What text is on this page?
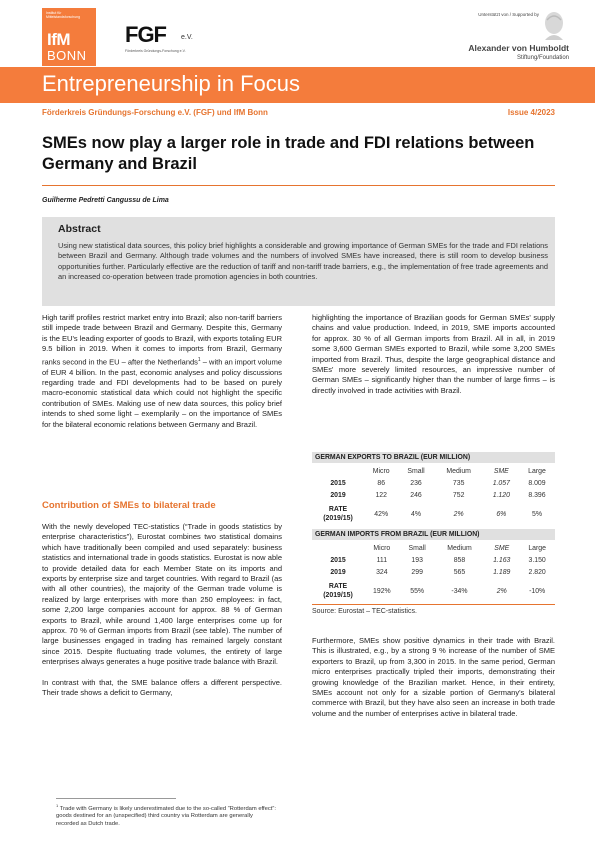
Institut für Mittelstandsforschung
IfM
BONN
FGF e.V.
Förderkreis Gründungs-Forschung e.V.
Unterstützt von / Supported by
Alexander von Humboldt
Stiftung/Foundation
Entrepreneurship in Focus
Förderkreis Gründungs-Forschung e.V. (FGF) und IfM Bonn	Issue 4/2023
SMEs now play a larger role in trade and FDI relations between Germany and Brazil
Guilherme Pedretti Cangussu de Lima
Abstract

Using new statistical data sources, this policy brief highlights a considerable and growing importance of German SMEs for the trade and FDI relations between Brazil and Germany. Although trade volumes and the numbers of involved SMEs have increased, there is still room to develop business opportunities further. Particularly effective are the reduction of tariff and non-tariff trade barriers, e.g., the implementation of free trade agreements and an increased co-operation between trade promotion agencies in both countries.

High tariff profiles restrict market entry into Brazil; also non-tariff barriers still impede trade between Brazil and Germany. Despite this, Germany is the EU's leading exporter of goods to Brazil, with exports totaling EUR 9.5 billion in 2019. When it comes to imports from Brazil, Germany ranks second in the EU – after the Netherlands$^1$ – with an import volume of EUR 4 billion. In the past, economic analyses and policy discussions regarding trade and FDI developments had to be based on purely macro-economic statistical data which could not highlight the specific contribution of SMEs. Making use of new data sources, this policy brief intends to shed some light – exemplarily – on the importance of SMEs for the bilateral economic relations between Germany and Brazil.

Contribution of SMEs to bilateral trade

With the newly developed TEC-statistics (“Trade in goods statistics by enterprise characteristics”), Eurostat combines two statistical domains which have traditionally been compiled and used separately: business statistics and international trade in goods statistics. Eurostat is now able to provide detailed data for each Member State on its imports and exports by enterprise size and target countries. With regard to Brazil (as with all other countries), the majority of the German trade volume is realized by large enterprises with more than 250 employees: in fact, some 2,200 large companies account for approx. 88 % of German exports to Brazil, while around 1,400 large enterprises come up for approx. 70 % of German imports from Brazil (see table). The number of large businesses engaged in trading has remained largely constant since 2015. Despite fluctuating trade volumes, the entirety of large enterprises always generates a huge positive trade balance with Brazil.

In contrast with that, the SME balance offers a different perspective. Their trade shows a deficit to Germany,

highlighting the importance of Brazilian goods for German SMEs' supply chains and value production. Indeed, in 2019, SME imports accounted for approx. 30 % of all German imports from Brazil. All in all, in 2019 some 3,600 German SMEs exported to Brazil, while some 3,200 SMEs imported from Brazil. Thus, despite the large geographical distance and SMEs' more severely limited resources, an impressive number of German SMEs – significantly higher than the number of large firms – is directly involved in trade activities with Brazil.

GERMAN EXPORTS TO BRAZIL (EUR MILLION)
	Micro	Small	Medium	SME	Large
2015	86	236	735	1.057	8.009
2019	122	246	752	1.120	8.396
RATE
(2019/15)	42%	4%	2%	6%	5%
GERMAN IMPORTS FROM BRAZIL (EUR MILLION)
	Micro	Small	Medium	SME	Large
2015	111	193	858	1.163	3.150
2019	324	299	565	1.189	2.820
RATE
(2019/15)	192%	55%	-34%	2%	-10%
Source: Eurostat – TEC-statistics.

Furthermore, SMEs show positive dynamics in their trade with Brazil. This is illustrated, e.g., by a strong 9 % increase of the number of SME exporters to Brazil, up from 3,300 in 2015. In the same period, German micro enterprises practically tripled their imports, demonstrating their growing knowledge of the Brazilian market. Hence, in their entirety, SMEs account not only for a sizable portion of Germany's bilateral commerce with Brazil, but they have also seen an increase in both trade volume and the number of enterprises active in bilateral trade.

$^1$ Trade with Germany is likely underestimated due to the so-called “Rotterdam effect”: goods destined for an (unspecified) third country via Rotterdam are generally recorded as Dutch trade.
